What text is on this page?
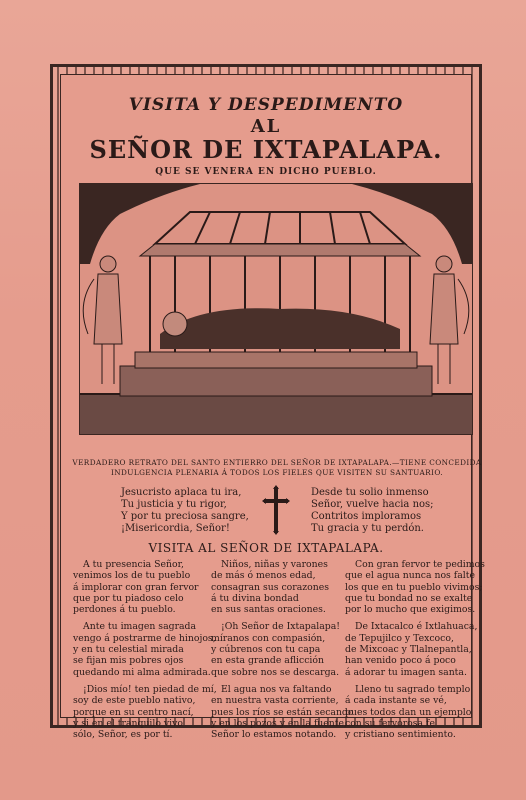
VISITA Y DESPEDIMENTO
AL
SEÑOR DE IXTAPALAPA.
QUE SE VENERA EN DICHO PUEBLO.
VERDADERO RETRATO DEL SANTO ENTIERRO DEL SEÑOR DE IXTAPALAPA.—TIENE CONCEDIDA
INDULGENCIA PLENARIA Á TODOS LOS FIELES QUE VISITEN SU SANTUARIO.
Jesucristo aplaca tu ira,
Tu justicia y tu rigor,
Y por tu preciosa sangre,
¡Misericordia, Señor!
Desde tu solio inmenso
Señor, vuelve hacia nos;
Contritos imploramos
Tu gracia y tu perdón.
VISITA AL SEÑOR DE IXTAPALAPA.
A tu presencia Señor,
venimos los de tu pueblo
á implorar con gran fervor
que por tu piadoso celo
perdones á tu pueblo.
Ante tu imagen sagrada
vengo á postrarme de hinojos,
y en tu celestial mirada
se fijan mis pobres ojos
quedando mi alma admirada.
¡Dios mío! ten piedad de mí,
soy de este pueblo nativo,
porque en su centro nací,
y si en el tranquilo vivo
sólo, Señor, es por tí.
Niños, niñas y varones
de más ó menos edad,
consagran sus corazones
á tu divina bondad
en sus santas oraciones.
¡Oh Señor de Ixtapalapa!
míranos con compasión,
y cúbrenos con tu capa
en esta grande aflicción
que sobre nos se descarga.
El agua nos va faltando
en nuestra vasta corriente,
pues los ríos se están secando
y en los pozos y en la fuente,
Señor lo estamos notando.
Con gran fervor te pedimos
que el agua nunca nos falte
los que en tu pueblo vivimos;
que tu bondad no se exalte
por lo mucho que exigimos.
De Ixtacalco é Ixtlahuaca,
de Tepujilco y Texcoco,
de Mixcoac y Tlalnepantla,
han venido poco á poco
á adorar tu imagen santa.
Lleno tu sagrado templo
á cada instante se vé,
pues todos dan un ejemplo
con su fervorosa fe
y cristiano sentimiento.
